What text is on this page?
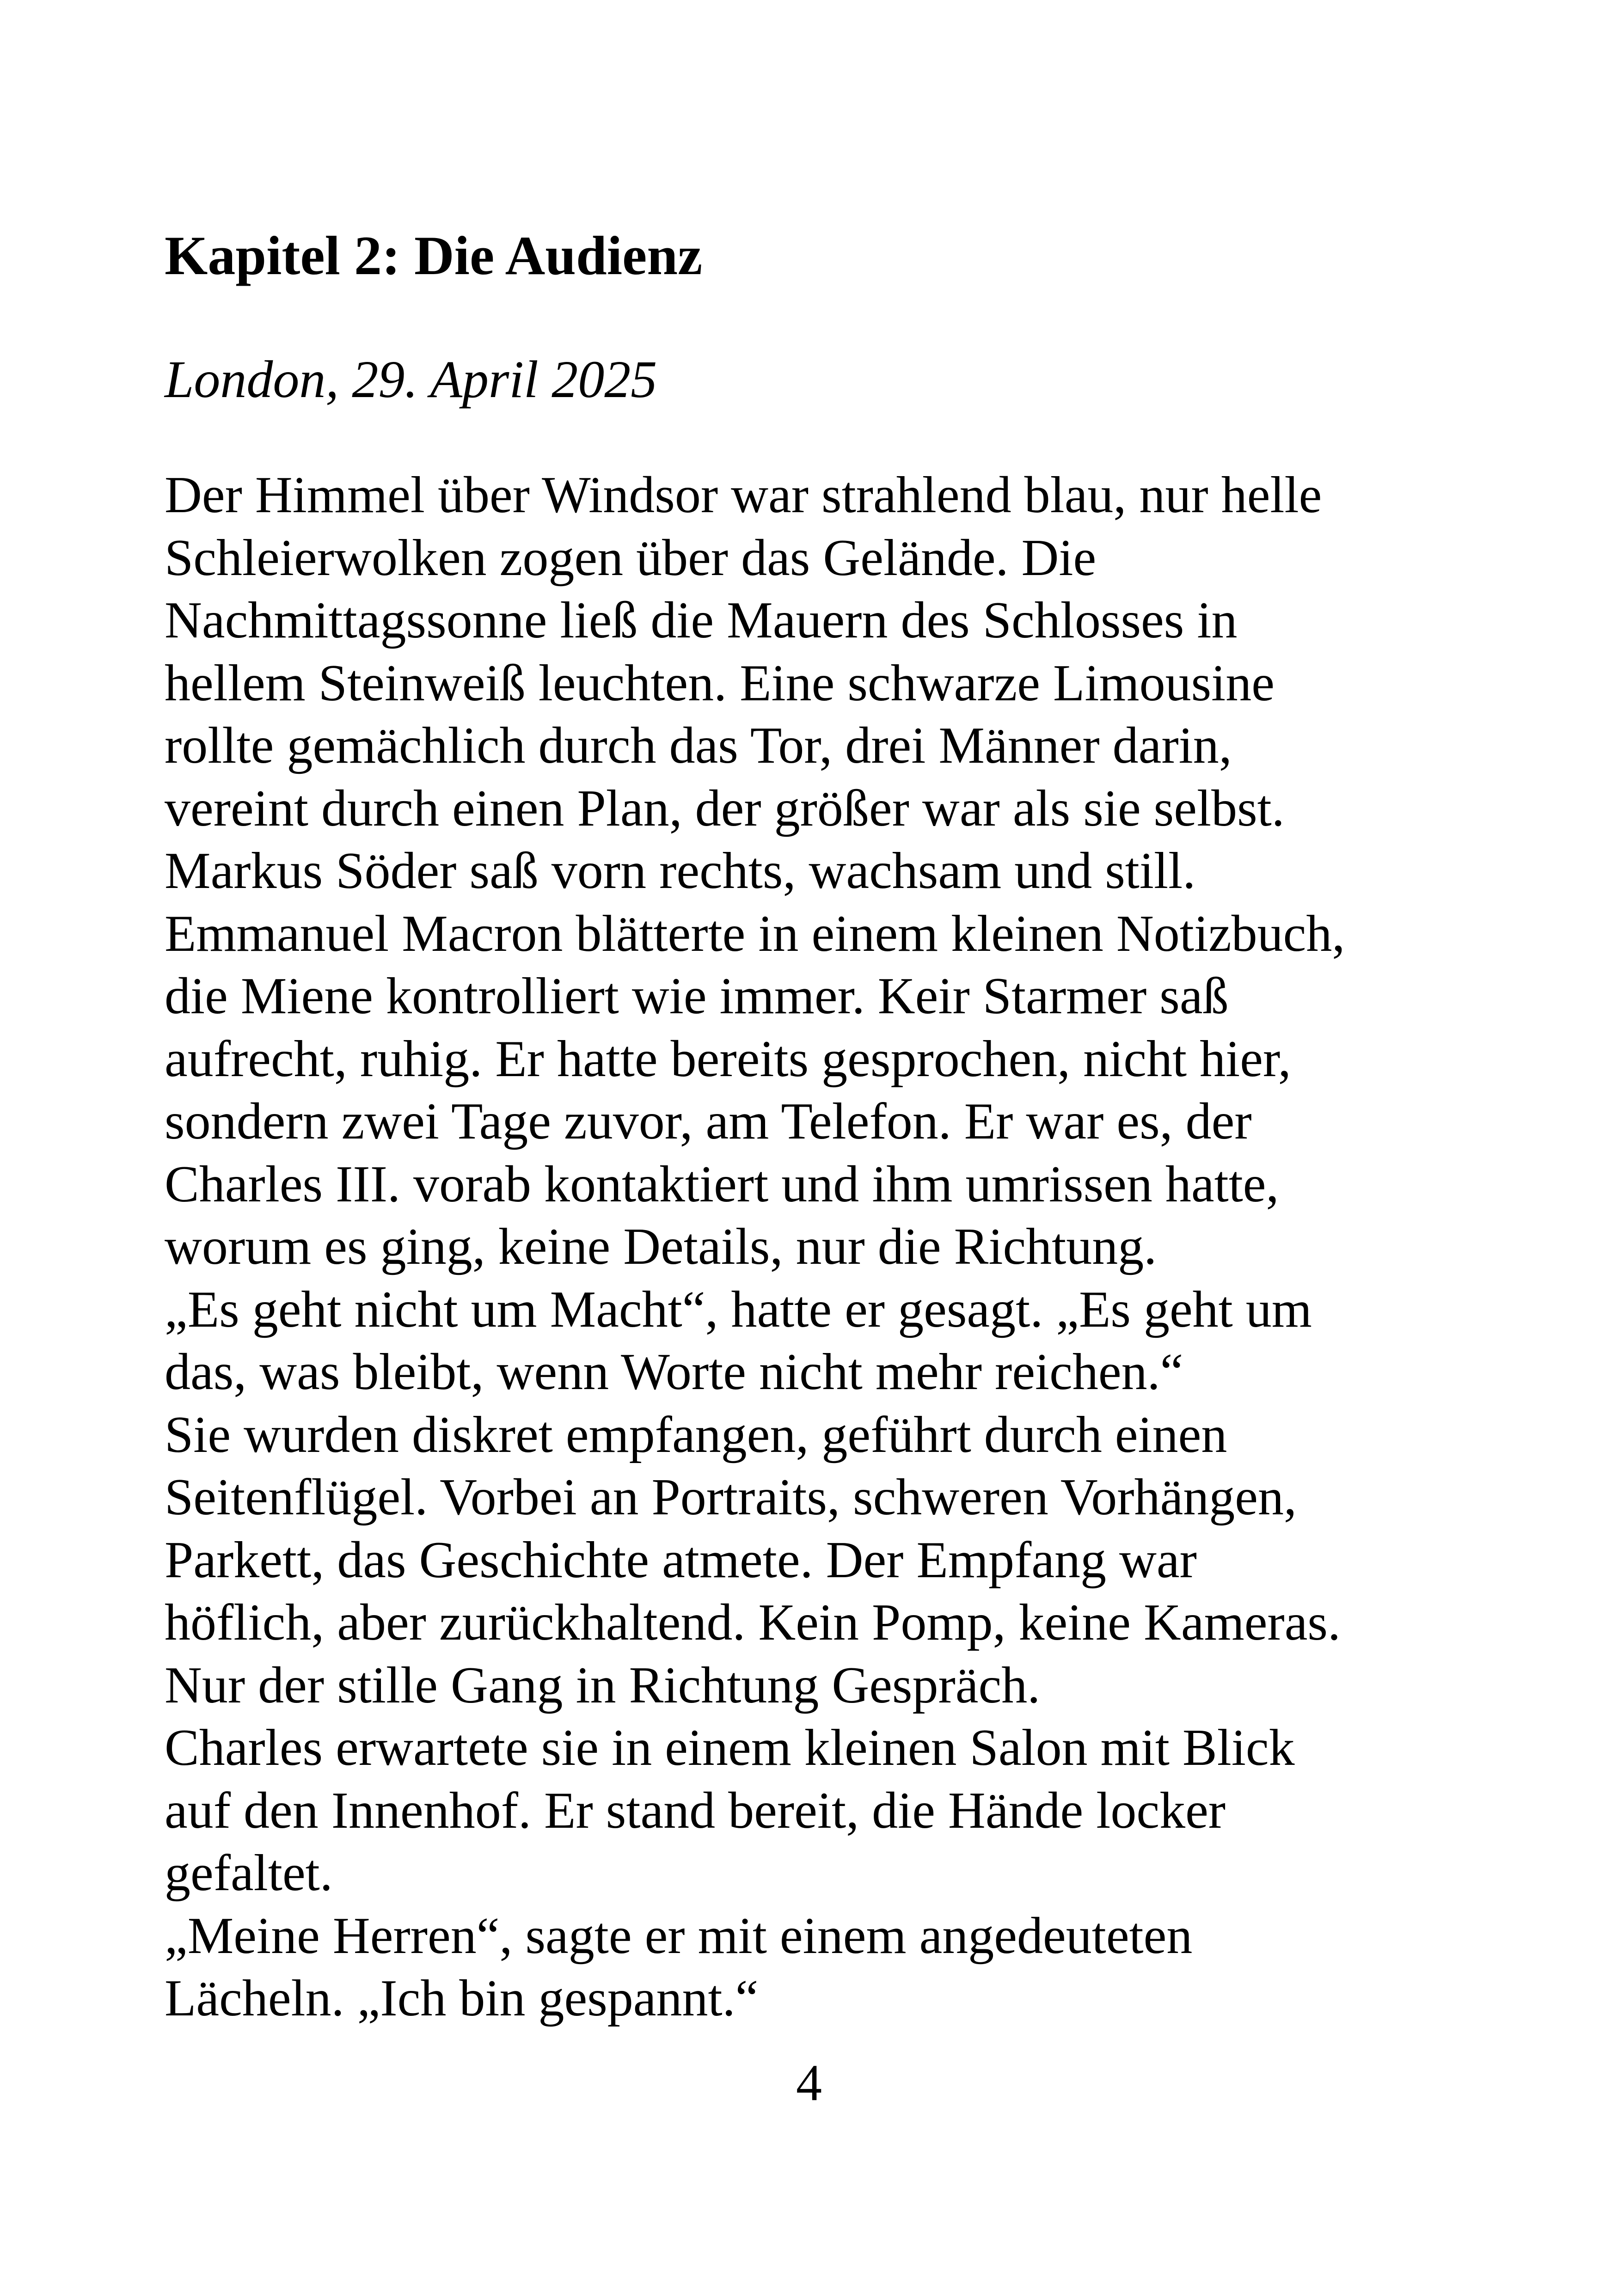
Kapitel 2: Die Audienz

London, 29. April 2025

Der Himmel über Windsor war strahlend blau, nur helle
Schleierwolken zogen über das Gelände. Die
Nachmittagssonne ließ die Mauern des Schlosses in
hellem Steinweiß leuchten. Eine schwarze Limousine
rollte gemächlich durch das Tor, drei Männer darin,
vereint durch einen Plan, der größer war als sie selbst.
Markus Söder saß vorn rechts, wachsam und still.
Emmanuel Macron blätterte in einem kleinen Notizbuch,
die Miene kontrolliert wie immer. Keir Starmer saß
aufrecht, ruhig. Er hatte bereits gesprochen, nicht hier,
sondern zwei Tage zuvor, am Telefon. Er war es, der
Charles III. vorab kontaktiert und ihm umrissen hatte,
worum es ging, keine Details, nur die Richtung.
„Es geht nicht um Macht“, hatte er gesagt. „Es geht um
das, was bleibt, wenn Worte nicht mehr reichen.“
Sie wurden diskret empfangen, geführt durch einen
Seitenflügel. Vorbei an Portraits, schweren Vorhängen,
Parkett, das Geschichte atmete. Der Empfang war
höflich, aber zurückhaltend. Kein Pomp, keine Kameras.
Nur der stille Gang in Richtung Gespräch.
Charles erwartete sie in einem kleinen Salon mit Blick
auf den Innenhof. Er stand bereit, die Hände locker
gefaltet.
„Meine Herren“, sagte er mit einem angedeuteten
Lächeln. „Ich bin gespannt.“

4
